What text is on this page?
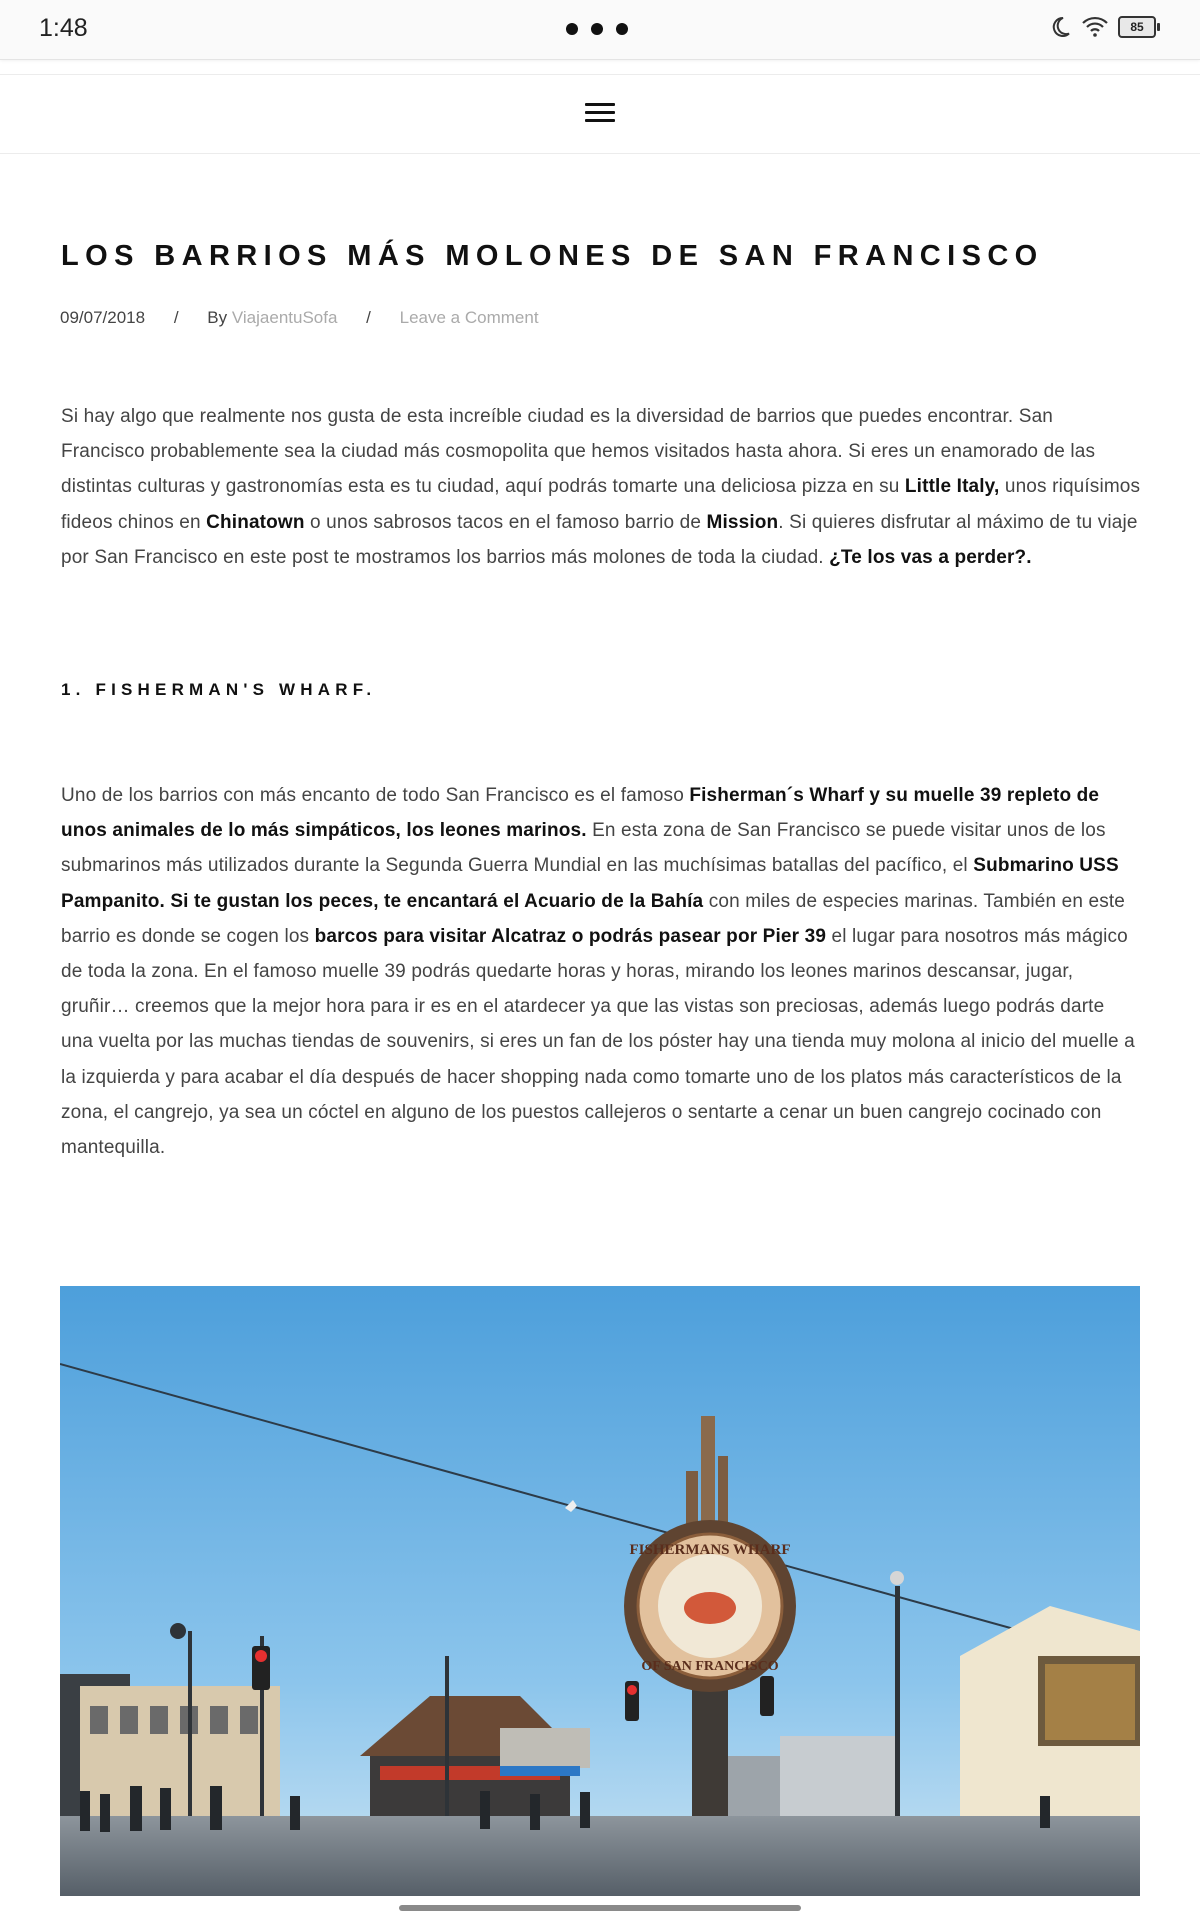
1:48	85
LOS BARRIOS MÁS MOLONES DE SAN FRANCISCO
09/07/2018 / By ViajaentuSofa / Leave a Comment

Si hay algo que realmente nos gusta de esta increíble ciudad es la diversidad de barrios que puedes encontrar. San Francisco probablemente sea la ciudad más cosmopolita que hemos visitados hasta ahora. Si eres un enamorado de las distintas culturas y gastronomías esta es tu ciudad, aquí podrás tomarte una deliciosa pizza en su Little Italy, unos riquísimos fideos chinos en Chinatown o unos sabrosos tacos en el famoso barrio de Mission. Si quieres disfrutar al máximo de tu viaje por San Francisco en este post te mostramos los barrios más molones de toda la ciudad. ¿Te los vas a perder?.

1. FISHERMAN'S WHARF.

Uno de los barrios con más encanto de todo San Francisco es el famoso Fisherman´s Wharf y su muelle 39 repleto de unos animales de lo más simpáticos, los leones marinos. En esta zona de San Francisco se puede visitar unos de los submarinos más utilizados durante la Segunda Guerra Mundial en las muchísimas batallas del pacífico, el Submarino USS Pampanito. Si te gustan los peces, te encantará el Acuario de la Bahía con miles de especies marinas. También en este barrio es donde se cogen los barcos para visitar Alcatraz o podrás pasear por Pier 39 el lugar para nosotros más mágico de toda la zona. En el famoso muelle 39 podrás quedarte horas y horas, mirando los leones marinos descansar, jugar, gruñir… creemos que la mejor hora para ir es en el atardecer ya que las vistas son preciosas, además luego podrás darte una vuelta por las muchas tiendas de souvenirs, si eres un fan de los póster hay una tienda muy molona al inicio del muelle a la izquierda y para acabar el día después de hacer shopping nada como tomarte uno de los platos más característicos de la zona, el cangrejo, ya sea un cóctel en alguno de los puestos callejeros o sentarte a cenar un buen cangrejo cocinado con mantequilla.

FISHERMANS WHARF
OF SAN FRANCISCO
